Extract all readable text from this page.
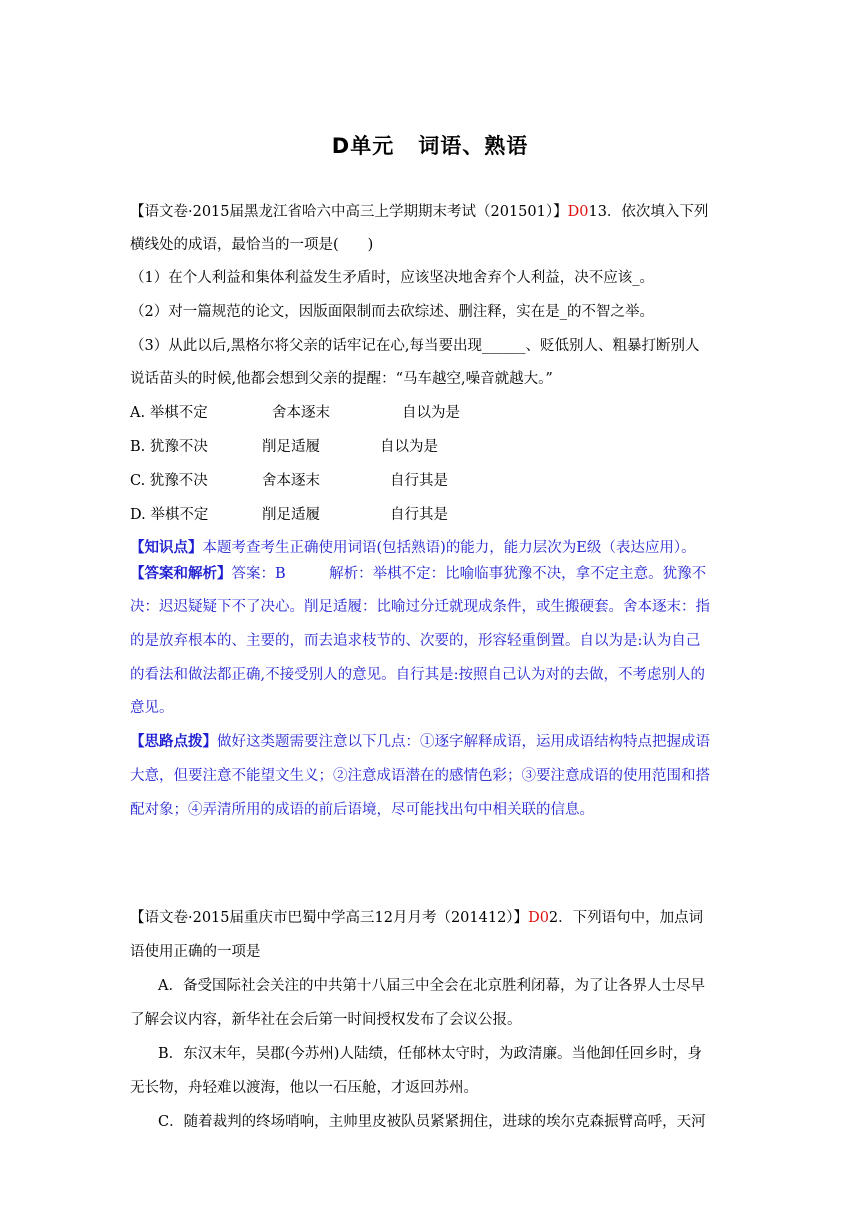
D单元 词语、熟语
【语文卷·2015届黑龙江省哈六中高三上学期期末考试（201501）】D013．依次填入下列
横线处的成语，最恰当的一项是(　　)
（1）在个人利益和集体利益发生矛盾时，应该坚决地舍弃个人利益，决不应该_。
（2）对一篇规范的论文，因版面限制而去砍综述、删注释，实在是_的不智之举。
（3）从此以后,黑格尔将父亲的话牢记在心,每当要出现______、贬低别人、粗暴打断别人
说话苗头的时候,他都会想到父亲的提醒：“马车越空,噪音就越大。”
A. 举棋不定	舍本逐末	自以为是
B. 犹豫不决	削足适履	自以为是
C. 犹豫不决	舍本逐末	自行其是
D. 举棋不定	削足适履	自行其是
【知识点】本题考查考生正确使用词语(包括熟语)的能力，能力层次为E级（表达应用）。
【答案和解析】答案：B　　　解析：举棋不定：比喻临事犹豫不决，拿不定主意。犹豫不
决：迟迟疑疑下不了决心。削足适履：比喻过分迁就现成条件，或生搬硬套。舍本逐末：指
的是放弃根本的、主要的，而去追求枝节的、次要的，形容轻重倒置。自以为是:认为自己
的看法和做法都正确,不接受别人的意见。自行其是:按照自己认为对的去做，不考虑别人的
意见。
【思路点拨】做好这类题需要注意以下几点：①逐字解释成语，运用成语结构特点把握成语
大意，但要注意不能望文生义；②注意成语潜在的感情色彩；③要注意成语的使用范围和搭
配对象；④弄清所用的成语的前后语境，尽可能找出句中相关联的信息。
【语文卷·2015届重庆市巴蜀中学高三12月月考（201412）】D02．下列语句中，加点词
语使用正确的一项是
A．备受国际社会关注的中共第十八届三中全会在北京胜利闭幕，为了让各界人士尽早
了解会议内容，新华社在会后第一时间授权发布了会议公报。
B．东汉末年，吴郡(今苏州)人陆绩，任郁林太守时，为政清廉。当他卸任回乡时，身
无长物，舟轻难以渡海，他以一石压舱，才返回苏州。
C．随着裁判的终场哨响，主帅里皮被队员紧紧拥住，进球的埃尔克森振臂高呼，天河
